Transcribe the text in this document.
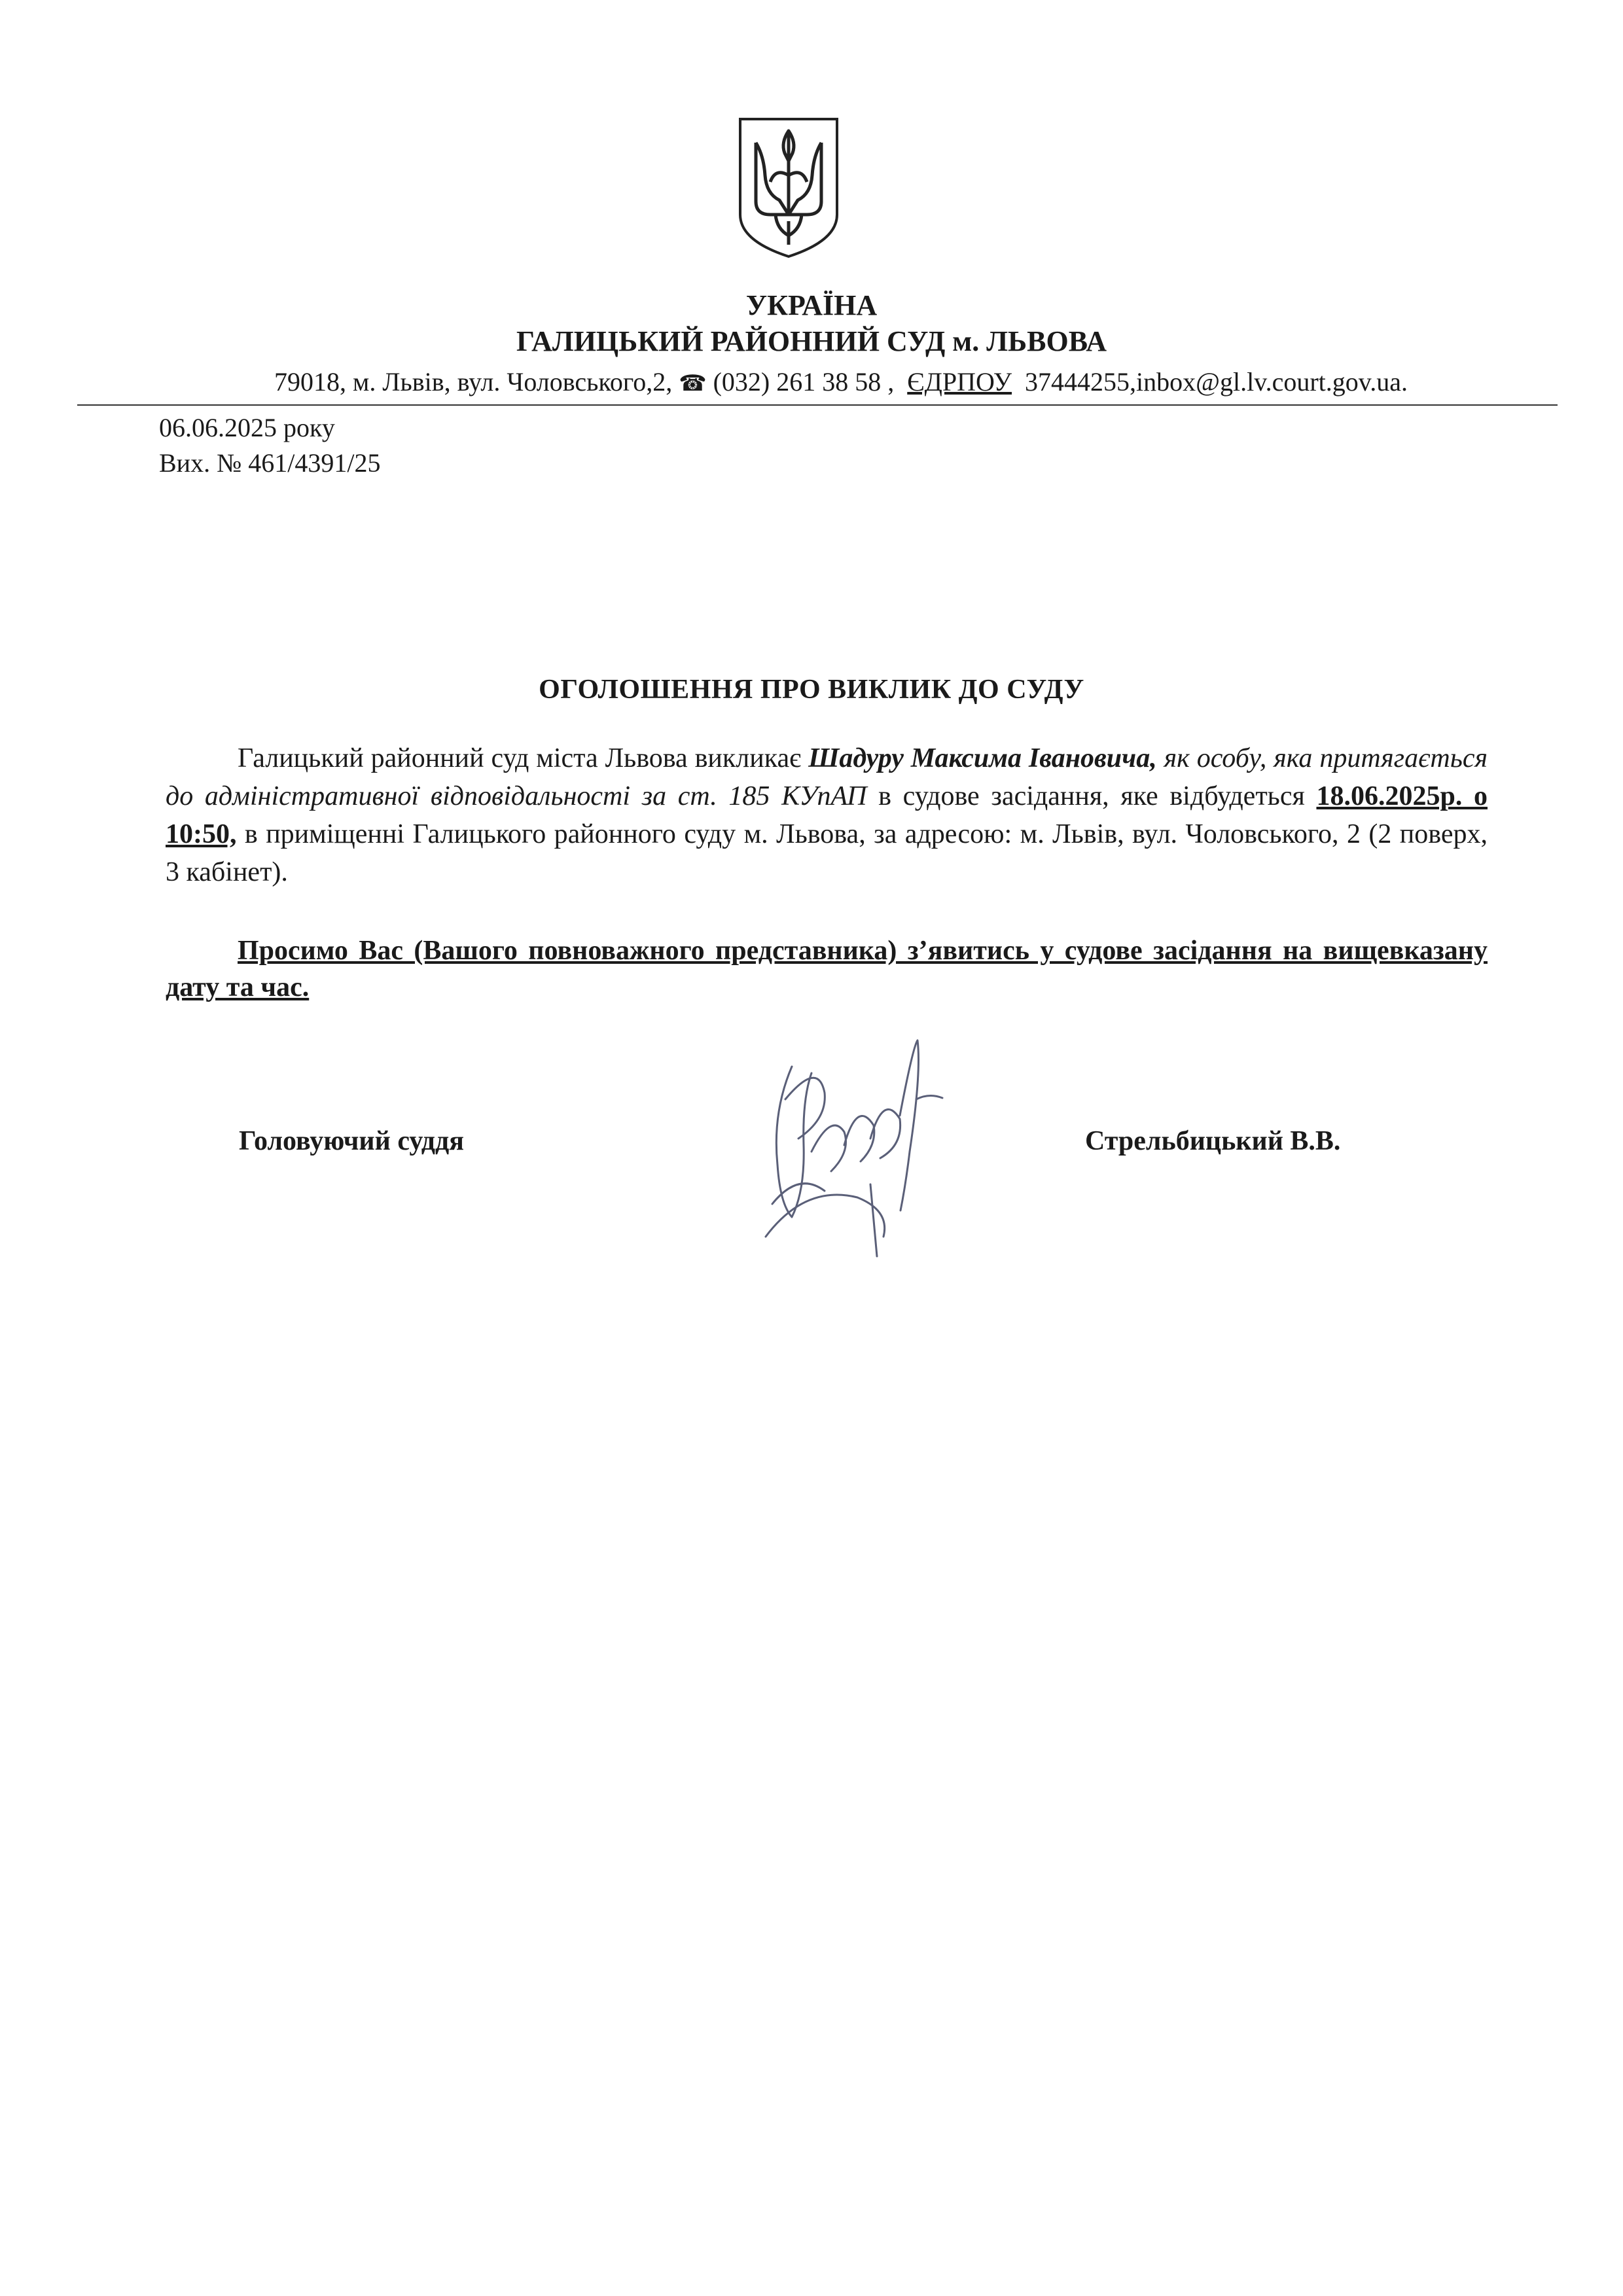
УКРАЇНА
ГАЛИЦЬКИЙ РАЙОННИЙ СУД м. ЛЬВОВА
79018, м. Львів, вул. Чоловського,2, ☎ (032) 261 38 58 , ЄДРПОУ 37444255,inbox@gl.lv.court.gov.ua.
06.06.2025 року
Вих. № 461/4391/25
ОГОЛОШЕННЯ ПРО ВИКЛИК ДО СУДУ

Галицький районний суд міста Львова викликає Шадуру Максима Івановича, як особу, яка притягається до адміністративної відповідальності за ст. 185 КУпАП в судове засідання, яке відбудеться 18.06.2025р. о 10:50, в приміщенні Галицького районного суду м. Львова, за адресою: м. Львів, вул. Чоловського, 2 (2 поверх, 3 кабінет).

Просимо Вас (Вашого повноважного представника) з’явитись у судове засідання на вищевказану дату та час.

Головуючий суддя	Стрельбицький В.В.
